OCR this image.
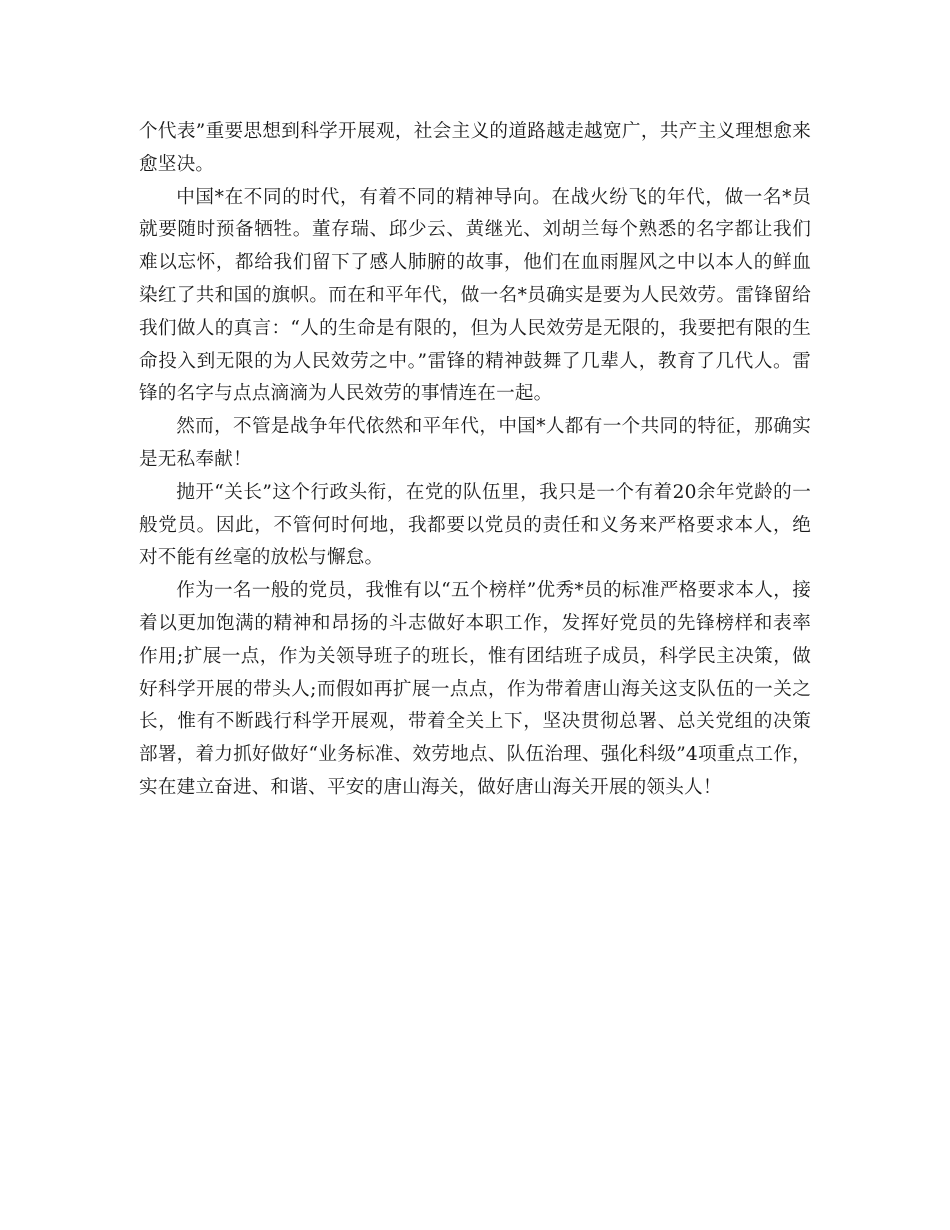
个代表”重要思想到科学开展观，社会主义的道路越走越宽广，共产主义理想愈来愈坚决。

中国*在不同的时代，有着不同的精神导向。在战火纷飞的年代，做一名*员就要随时预备牺牲。董存瑞、邱少云、黄继光、刘胡兰每个熟悉的名字都让我们难以忘怀，都给我们留下了感人肺腑的故事，他们在血雨腥风之中以本人的鲜血染红了共和国的旗帜。而在和平年代，做一名*员确实是要为人民效劳。雷锋留给我们做人的真言：“人的生命是有限的，但为人民效劳是无限的，我要把有限的生命投入到无限的为人民效劳之中。”雷锋的精神鼓舞了几辈人，教育了几代人。雷锋的名字与点点滴滴为人民效劳的事情连在一起。

然而，不管是战争年代依然和平年代，中国*人都有一个共同的特征，那确实是无私奉献！

抛开“关长”这个行政头衔，在党的队伍里，我只是一个有着20余年党龄的一般党员。因此，不管何时何地，我都要以党员的责任和义务来严格要求本人，绝对不能有丝毫的放松与懈怠。

作为一名一般的党员，我惟有以“五个榜样”优秀*员的标准严格要求本人，接着以更加饱满的精神和昂扬的斗志做好本职工作，发挥好党员的先锋榜样和表率作用;扩展一点，作为关领导班子的班长，惟有团结班子成员，科学民主决策，做好科学开展的带头人;而假如再扩展一点点，作为带着唐山海关这支队伍的一关之长，惟有不断践行科学开展观，带着全关上下，坚决贯彻总署、总关党组的决策部署，着力抓好做好“业务标准、效劳地点、队伍治理、强化科级”4项重点工作，实在建立奋进、和谐、平安的唐山海关，做好唐山海关开展的领头人！
